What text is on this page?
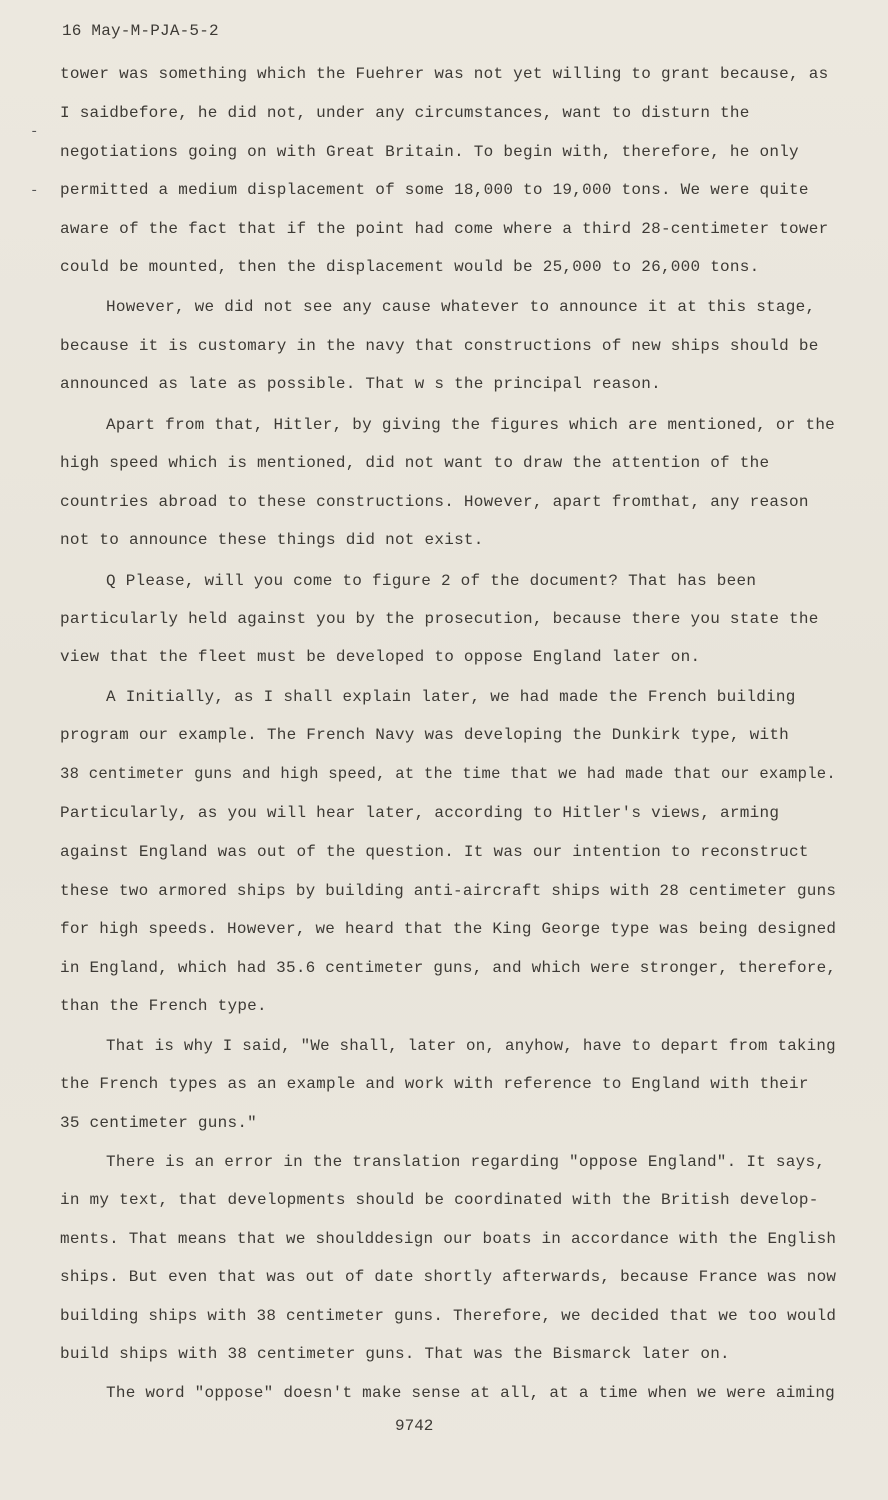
16 May-M-PJA-5-2
-
-
tower was something which the Fuehrer was not yet willing to grant because, as
I saidbefore, he did not, under any circumstances, want to disturn the
negotiations going on with Great Britain. To begin with, therefore, he only
permitted a medium displacement of some 18,000 to 19,000 tons. We were quite
aware of the fact that if the point had come where a third 28-centimeter tower
could be mounted, then the displacement would be 25,000 to 26,000 tons.
However, we did not see any cause whatever to announce it at this stage,
because it is customary in the navy that constructions of new ships should be
announced as late as possible. That w s the principal reason.
Apart from that, Hitler, by giving the figures which are mentioned, or the
high speed which is mentioned, did not want to draw the attention of the
countries abroad to these constructions. However, apart fromthat, any reason
not to announce these things did not exist.
Q Please, will you come to figure 2 of the document? That has been
particularly held against you by the prosecution, because there you state the
view that the fleet must be developed to oppose England later on.
A Initially, as I shall explain later, we had made the French building
program our example. The French Navy was developing the Dunkirk type, with
38 centimeter guns and high speed, at the time that we had made that our example.
Particularly, as you will hear later, according to Hitler's views, arming
against England was out of the question. It was our intention to reconstruct
these two armored ships by building anti-aircraft ships with 28 centimeter guns
for high speeds. However, we heard that the King George type was being designed
in England, which had 35.6 centimeter guns, and which were stronger, therefore,
than the French type.
That is why I said, "We shall, later on, anyhow, have to depart from taking
the French types as an example and work with reference to England with their
35 centimeter guns."
There is an error in the translation regarding "oppose England". It says,
in my text, that developments should be coordinated with the British develop-
ments. That means that we shoulddesign our boats in accordance with the English
ships. But even that was out of date shortly afterwards, because France was now
building ships with 38 centimeter guns. Therefore, we decided that we too would
build ships with 38 centimeter guns. That was the Bismarck later on.
The word "oppose" doesn't make sense at all, at a time when we were aiming
9742
